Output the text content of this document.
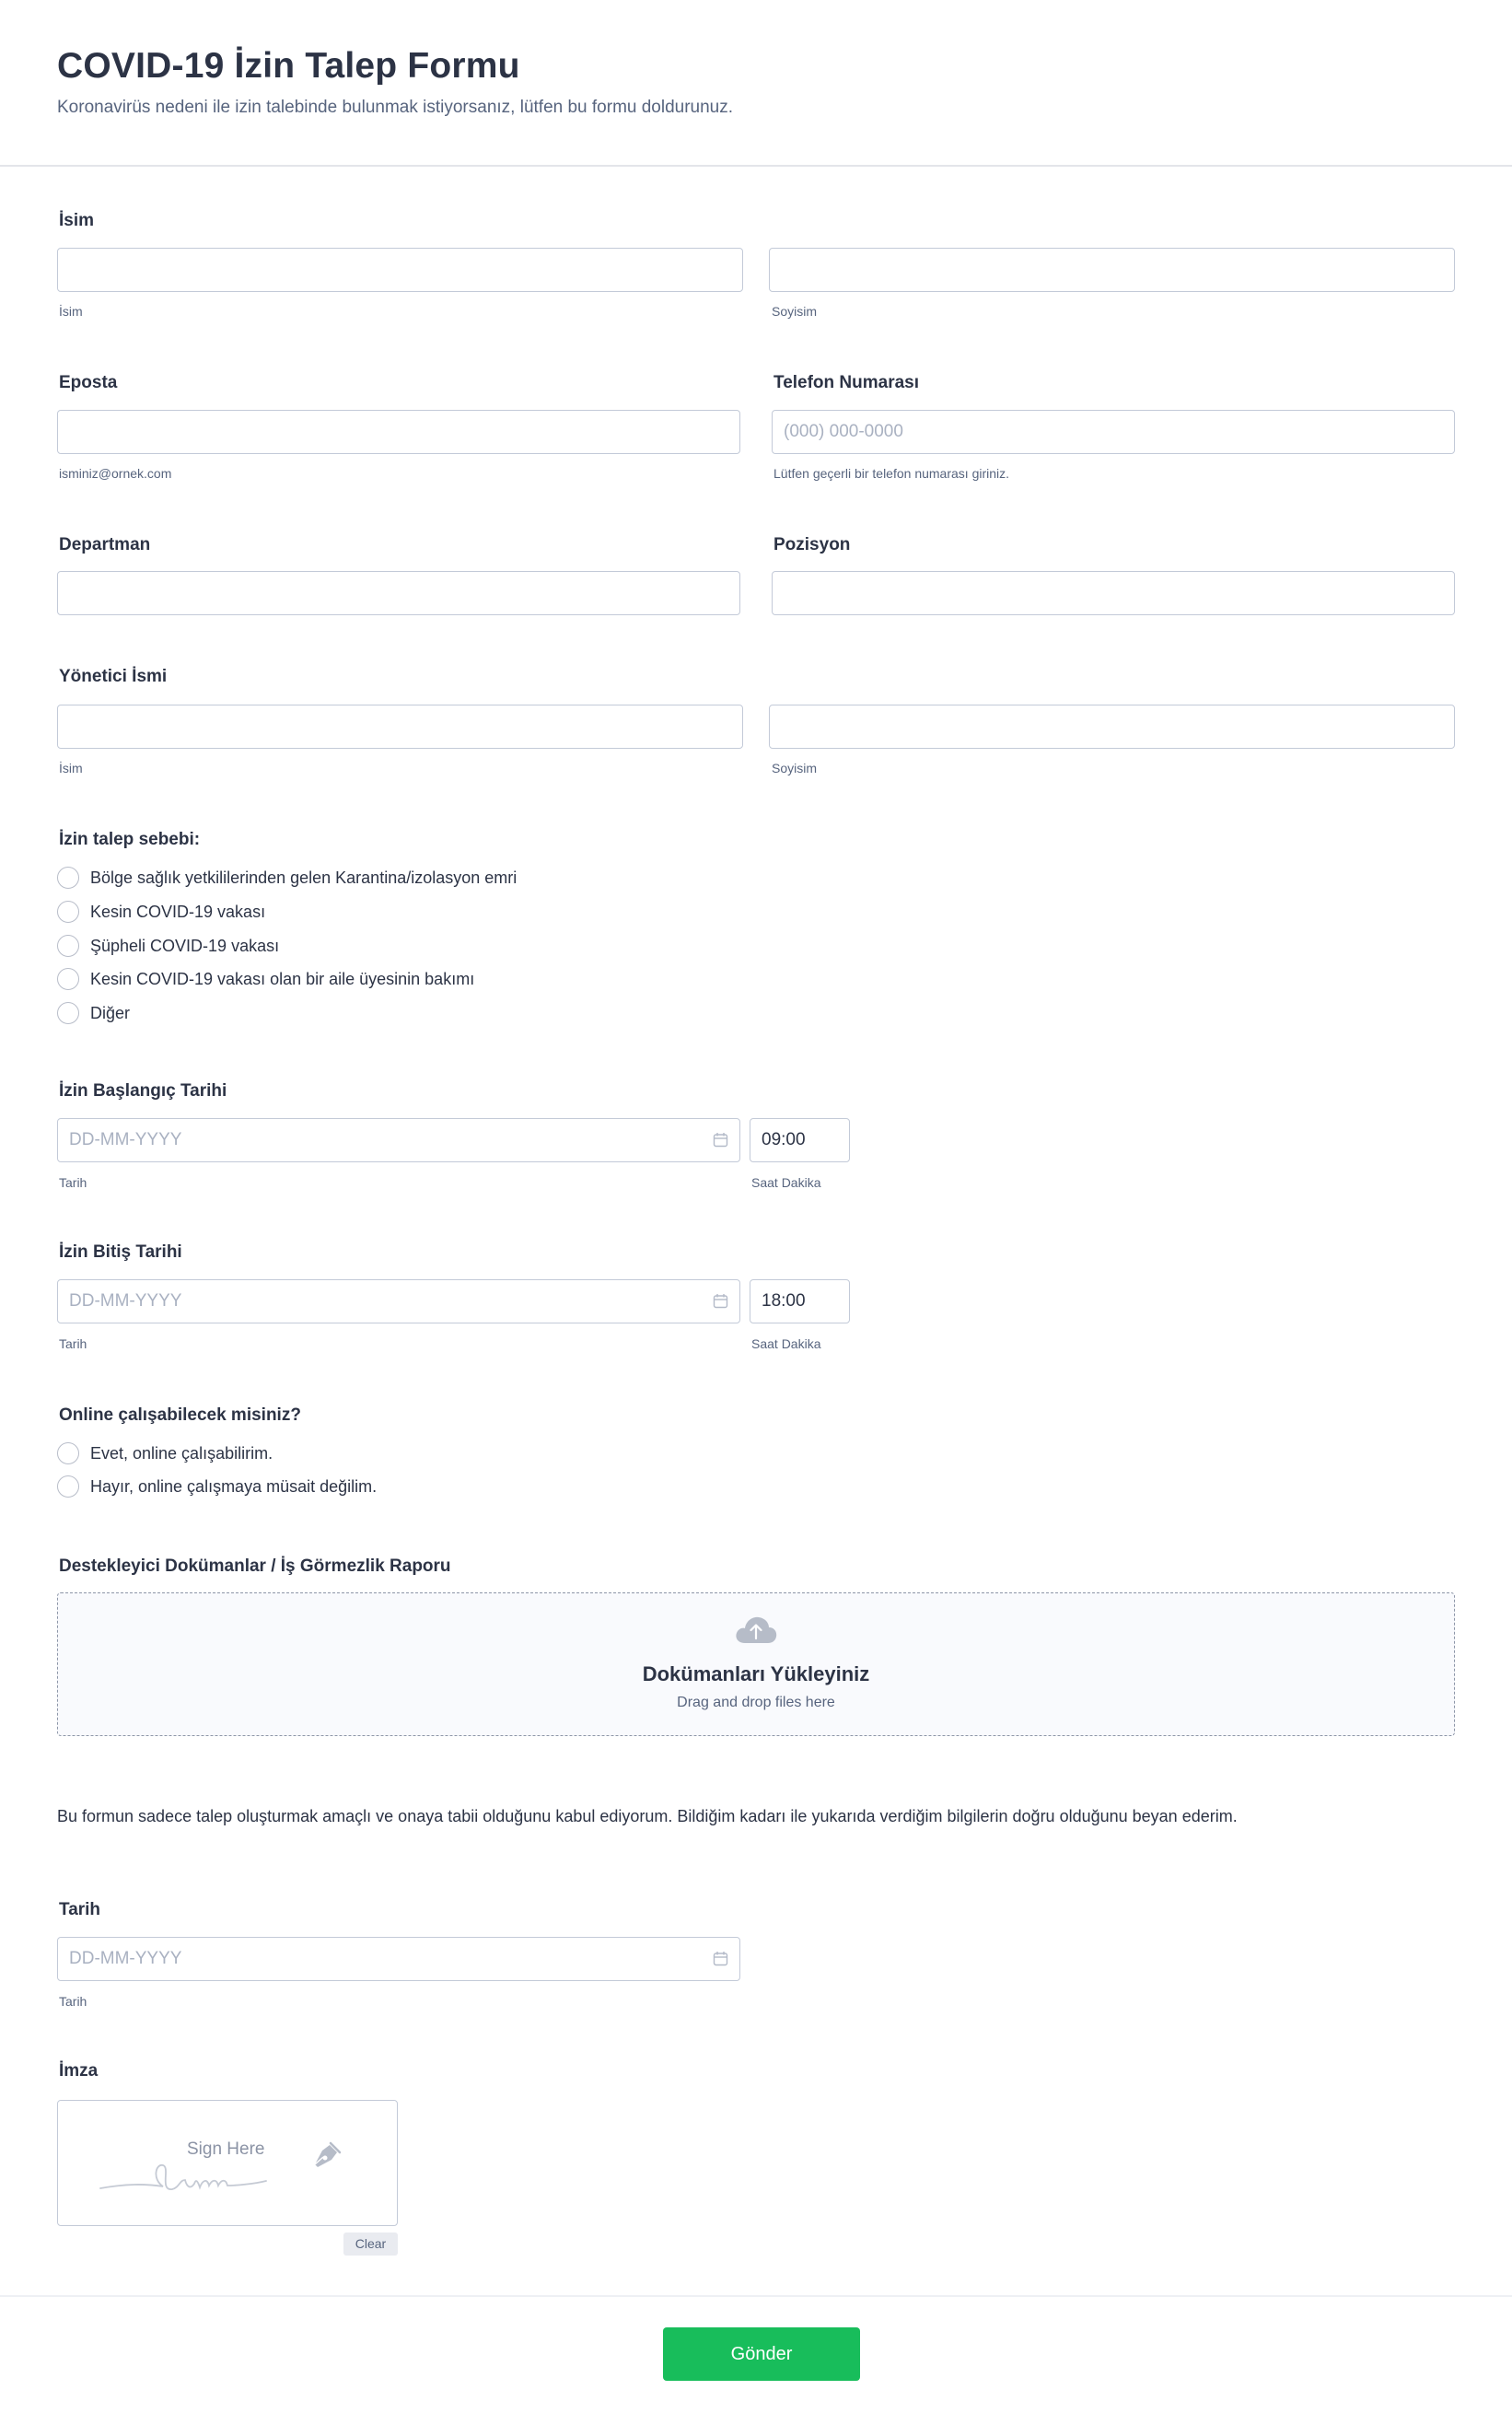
COVID-19 İzin Talep Formu

Koronavirüs nedeni ile izin talebinde bulunmak istiyorsanız, lütfen bu formu doldurunuz.

İsim
İsim	Soyisim
Eposta	Telefon Numarası
(000) 000-0000
isminiz@ornek.com	Lütfen geçerli bir telefon numarası giriniz.
Departman	Pozisyon
Yönetici İsmi
İsim	Soyisim
İzin talep sebebi:
Bölge sağlık yetkililerinden gelen Karantina/izolasyon emri
Kesin COVID-19 vakası
Şüpheli COVID-19 vakası
Kesin COVID-19 vakası olan bir aile üyesinin bakımı
Diğer
İzin Başlangıç Tarihi
DD-MM-YYYY	09:00
Tarih	Saat Dakika
İzin Bitiş Tarihi
DD-MM-YYYY	18:00
Tarih	Saat Dakika
Online çalışabilecek misiniz?
Evet, online çalışabilirim.
Hayır, online çalışmaya müsait değilim.
Destekleyici Dokümanlar / İş Görmezlik Raporu
Dokümanları Yükleyiniz
Drag and drop files here
Bu formun sadece talep oluşturmak amaçlı ve onaya tabii olduğunu kabul ediyorum. Bildiğim kadarı ile yukarıda verdiğim bilgilerin doğru olduğunu beyan ederim.
Tarih
DD-MM-YYYY
Tarih
İmza
Sign Here
Clear
Gönder
